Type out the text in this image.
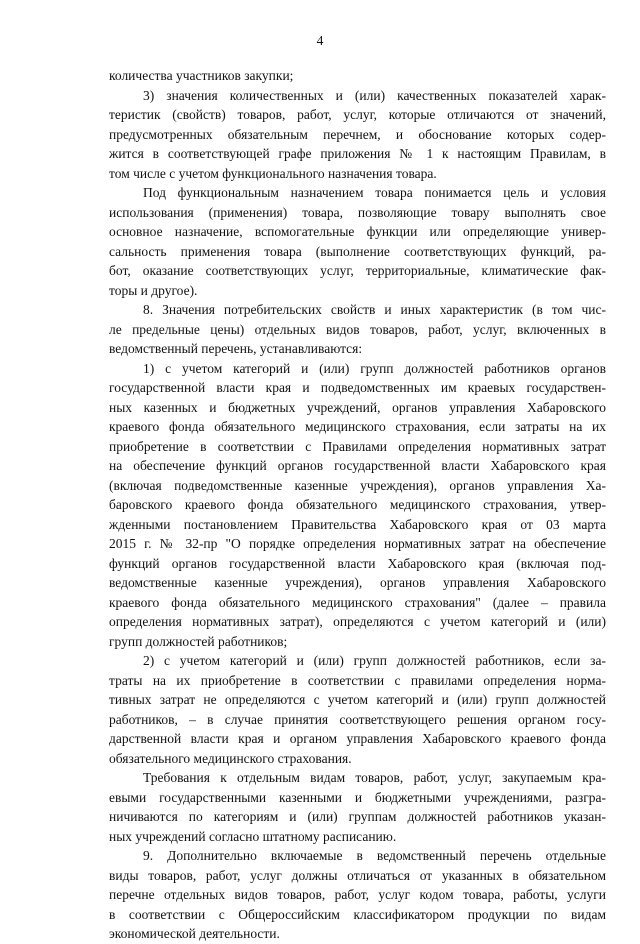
4
количества участников закупки;
3) значения количественных и (или) качественных показателей харак-
теристик (свойств) товаров, работ, услуг, которые отличаются от значений,
предусмотренных обязательным перечнем, и обоснование которых содер-
жится в соответствующей графе приложения № 1 к настоящим Правилам, в
том числе с учетом функционального назначения товара.
Под функциональным назначением товара понимается цель и условия
использования (применения) товара, позволяющие товару выполнять свое
основное назначение, вспомогательные функции или определяющие универ-
сальность применения товара (выполнение соответствующих функций, ра-
бот, оказание соответствующих услуг, территориальные, климатические фак-
торы и другое).
8. Значения потребительских свойств и иных характеристик (в том чис-
ле предельные цены) отдельных видов товаров, работ, услуг, включенных в
ведомственный перечень, устанавливаются:
1) с учетом категорий и (или) групп должностей работников органов
государственной власти края и подведомственных им краевых государствен-
ных казенных и бюджетных учреждений, органов управления Хабаровского
краевого фонда обязательного медицинского страхования, если затраты на их
приобретение в соответствии с Правилами определения нормативных затрат
на обеспечение функций органов государственной власти Хабаровского края
(включая подведомственные казенные учреждения), органов управления Ха-
баровского краевого фонда обязательного медицинского страхования, утвер-
жденными постановлением Правительства Хабаровского края от 03 марта
2015 г. № 32-пр "О порядке определения нормативных затрат на обеспечение
функций органов государственной власти Хабаровского края (включая под-
ведомственные казенные учреждения), органов управления Хабаровского
краевого фонда обязательного медицинского страхования" (далее – правила
определения нормативных затрат), определяются с учетом категорий и (или)
групп должностей работников;
2) с учетом категорий и (или) групп должностей работников, если за-
траты на их приобретение в соответствии с правилами определения норма-
тивных затрат не определяются с учетом категорий и (или) групп должностей
работников, – в случае принятия соответствующего решения органом госу-
дарственной власти края и органом управления Хабаровского краевого фонда
обязательного медицинского страхования.
Требования к отдельным видам товаров, работ, услуг, закупаемым кра-
евыми государственными казенными и бюджетными учреждениями, разгра-
ничиваются по категориям и (или) группам должностей работников указан-
ных учреждений согласно штатному расписанию.
9. Дополнительно включаемые в ведомственный перечень отдельные
виды товаров, работ, услуг должны отличаться от указанных в обязательном
перечне отдельных видов товаров, работ, услуг кодом товара, работы, услуги
в соответствии с Общероссийским классификатором продукции по видам
экономической деятельности.
